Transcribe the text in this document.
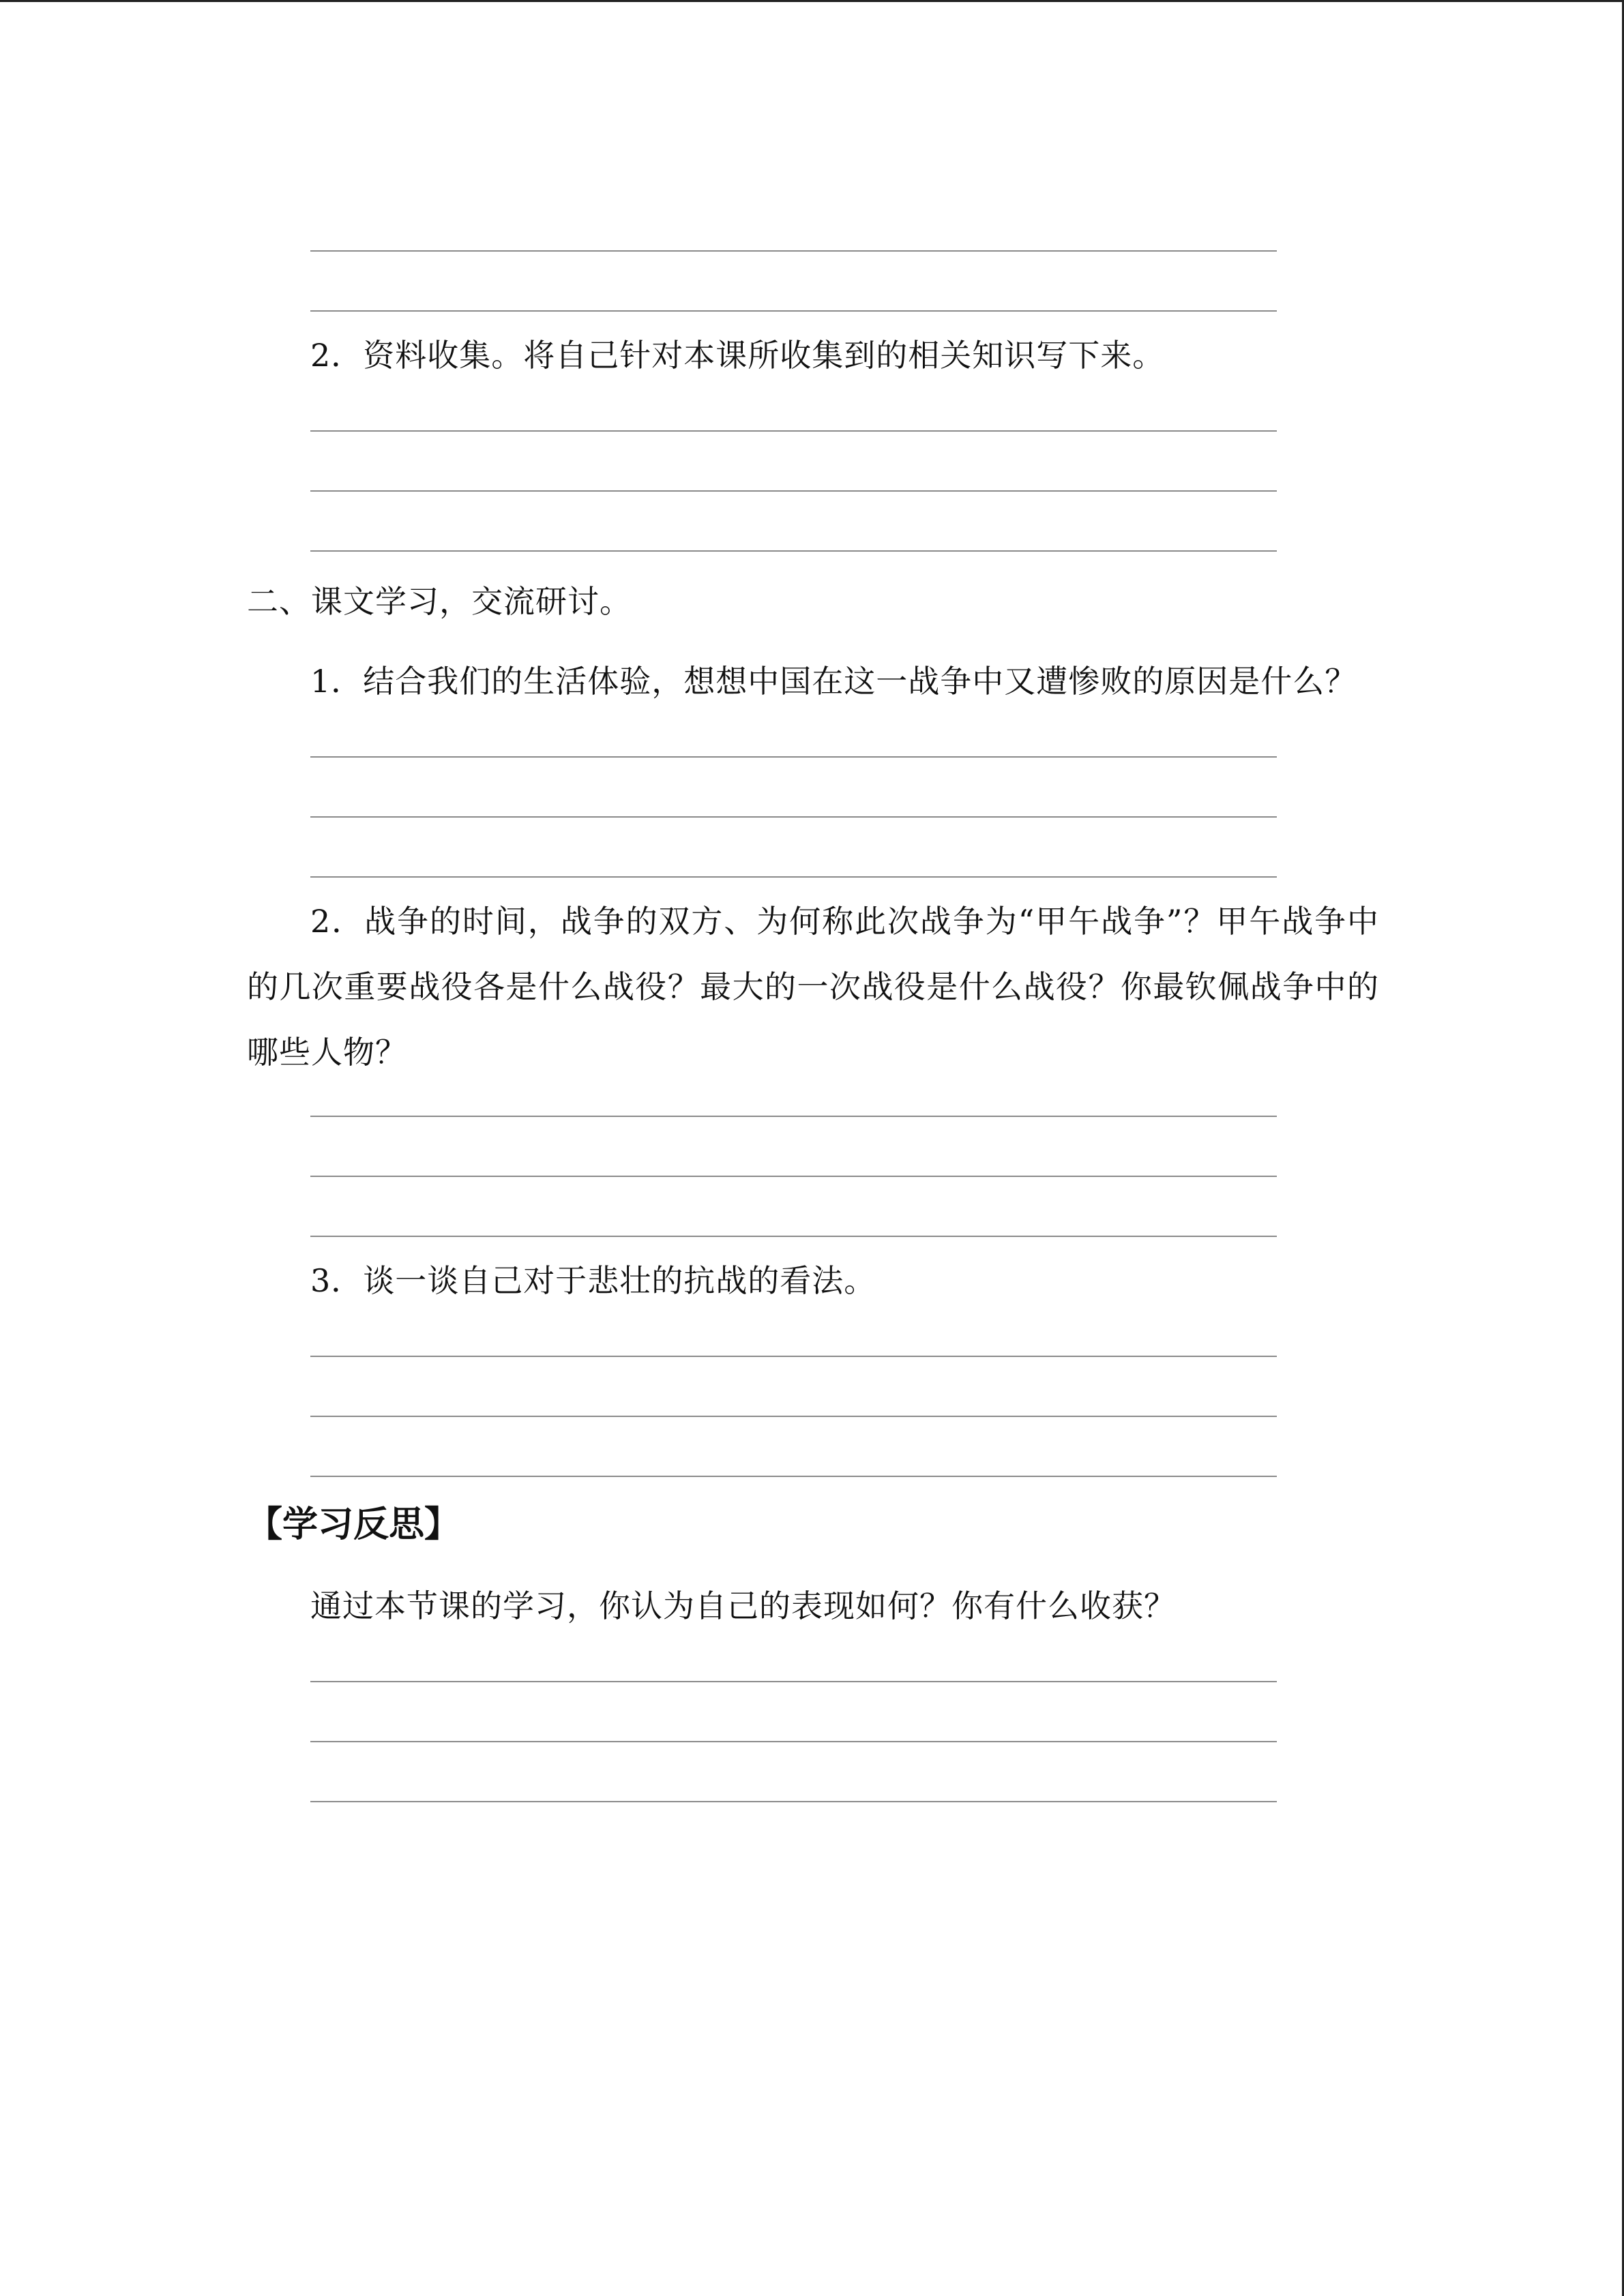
2．资料收集。将自己针对本课所收集到的相关知识写下来。
二、课文学习，交流研讨。
1．结合我们的生活体验，想想中国在这一战争中又遭惨败的原因是什么？
2．战争的时间，战争的双方、为何称此次战争为“甲午战争”？甲午战争中的几次重要战役各是什么战役？最大的一次战役是什么战役？你最钦佩战争中的哪些人物？
3．谈一谈自己对于悲壮的抗战的看法。
【学习反思】
通过本节课的学习，你认为自己的表现如何？你有什么收获？
